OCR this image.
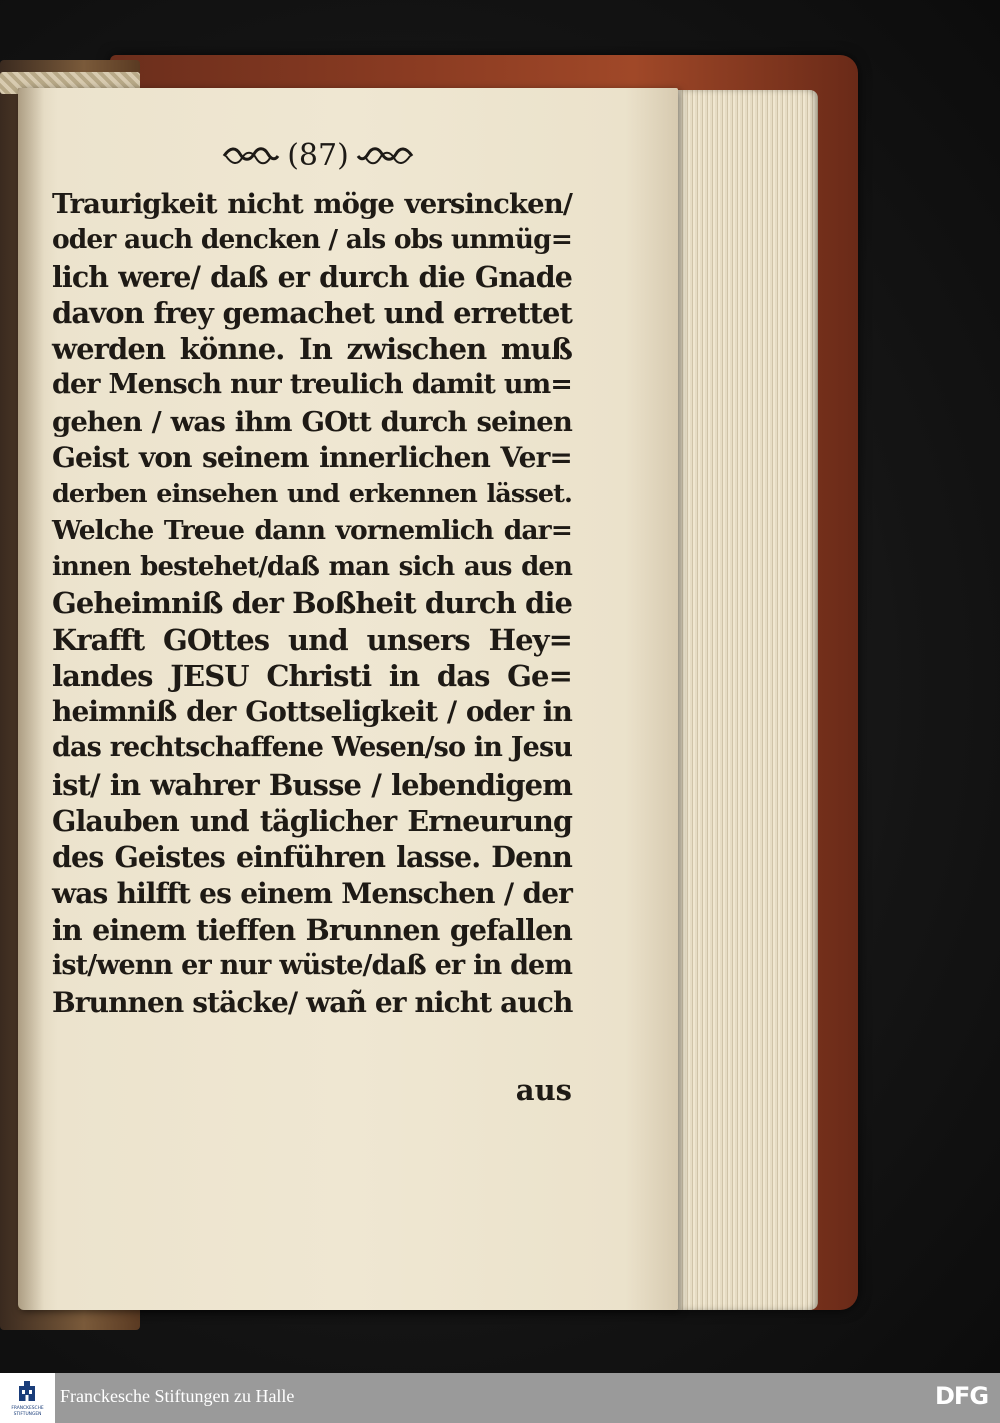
(87)
Traurigkeit nicht möge versincken/
oder auch dencken / als obs unmüg=
lich were/ daß er durch die Gnade
davon frey gemachet und errettet
werden könne. In zwischen muß
der Mensch nur treulich damit um=
gehen / was ihm GOtt durch seinen
Geist von seinem innerlichen Ver=
derben einsehen und erkennen lässet.
Welche Treue dann vornemlich dar=
innen bestehet/daß man sich aus den
Geheimniß der Boßheit durch die
Krafft GOttes und unsers Hey=
landes JESU Christi in das Ge=
heimniß der Gottseligkeit / oder in
das rechtschaffene Wesen/so in Jesu
ist/ in wahrer Busse / lebendigem
Glauben und täglicher Erneurung
des Geistes einführen lasse. Denn
was hilfft es einem Menschen / der
in einem tieffen Brunnen gefallen
ist/wenn er nur wüste/daß er in dem
Brunnen stäcke/ wañ er nicht auch
aus
FRANCKESCHE
STIFTUNGEN
Franckesche Stiftungen zu Halle	DFG
